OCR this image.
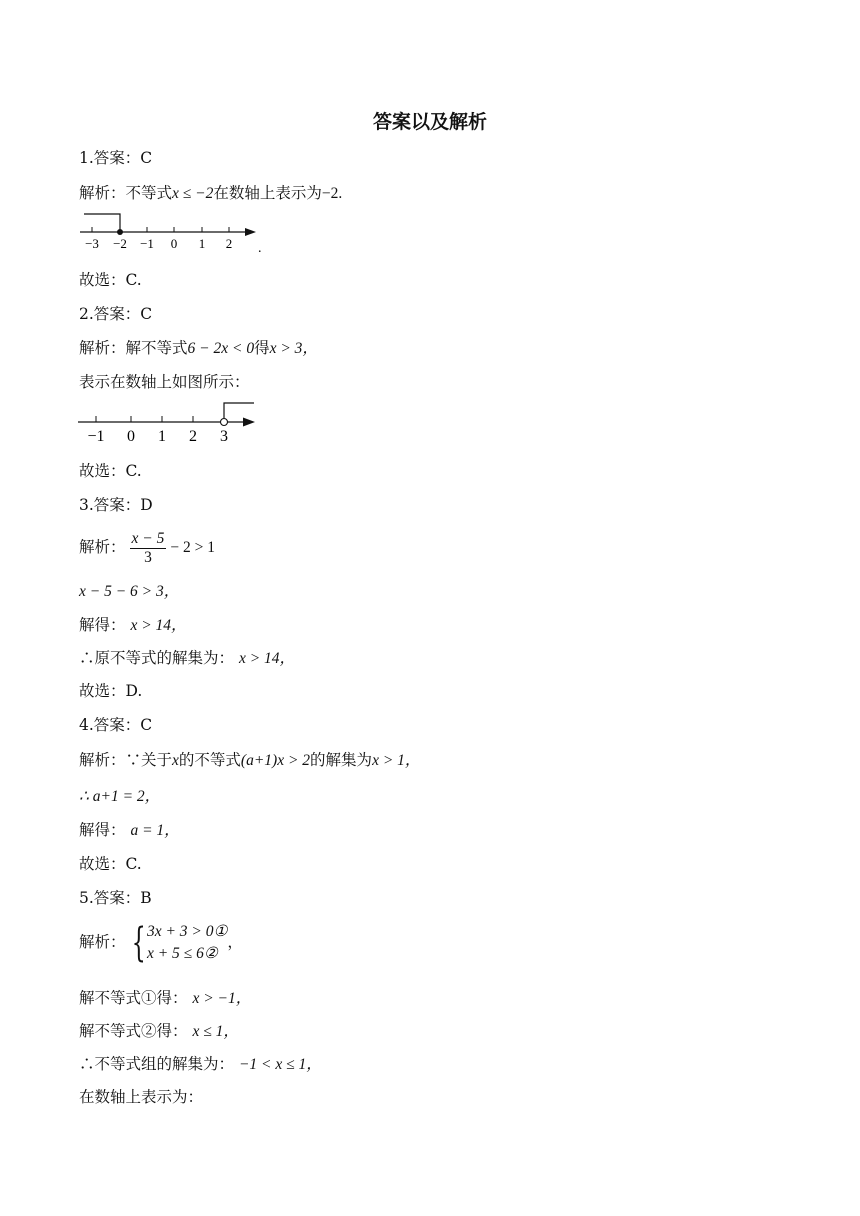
答案以及解析
1.答案：C
解析：不等式x ≤ −2在数轴上表示为−2.
−3 −2 −1 0 1 2 .
故选：C.
2.答案：C
解析：解不等式6 − 2x < 0得x > 3，
表示在数轴上如图所示：
−1 0 1 2 3
故选：C.
3.答案：D
解析： $\frac{x - 5}{3} - 2 > 1$
x − 5 − 6 > 3，
解得： x > 14，
∴原不等式的解集为： x > 14，
故选：D.
4.答案：C
解析：∵关于x的不等式(a+1)x > 2的解集为x > 1，
∴ a+1 = 2，
解得： a = 1，
故选：C.
5.答案：B
解析： { 3x + 3 > 0①
x + 5 ≤ 6②
，
解不等式①得： x > −1，
解不等式②得： x ≤ 1，
∴不等式组的解集为： −1 < x ≤ 1，
在数轴上表示为：
